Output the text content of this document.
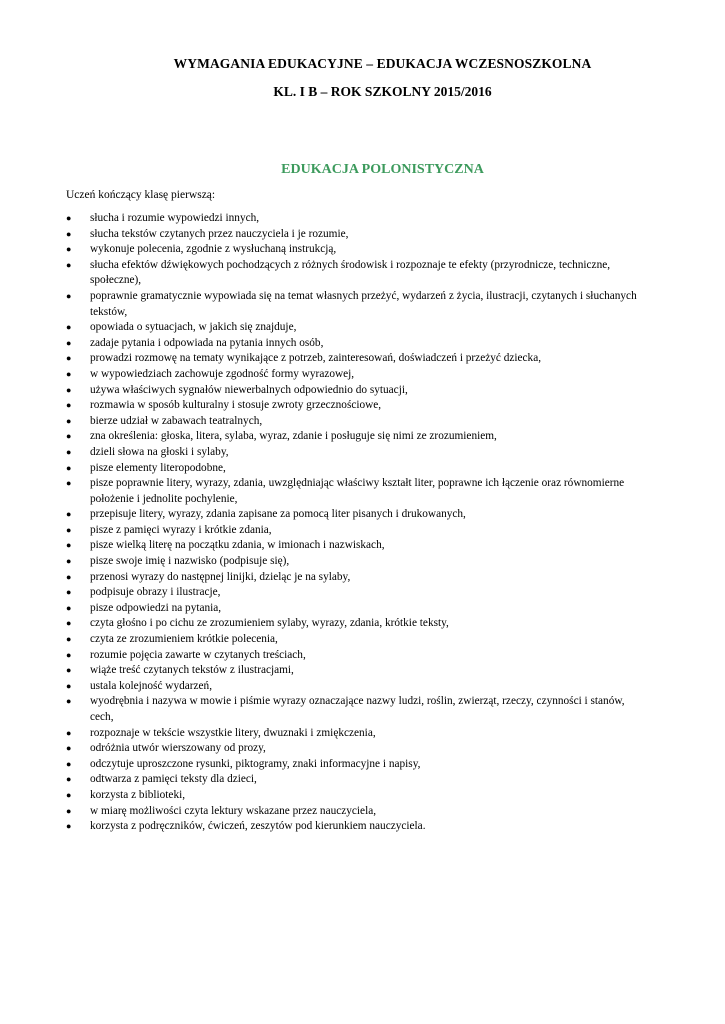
WYMAGANIA EDUKACYJNE – EDUKACJA WCZESNOSZKOLNA
KL. I B – ROK SZKOLNY 2015/2016
EDUKACJA POLONISTYCZNA
Uczeń kończący klasę pierwszą:
● słucha i rozumie wypowiedzi innych,
● słucha tekstów czytanych przez nauczyciela i je rozumie,
● wykonuje polecenia, zgodnie z wysłuchaną instrukcją,
● słucha efektów dźwiękowych pochodzących z różnych środowisk i rozpoznaje te efekty (przyrodnicze, techniczne, społeczne),
● poprawnie gramatycznie wypowiada się na temat własnych przeżyć, wydarzeń z życia, ilustracji, czytanych i słuchanych tekstów,
● opowiada o sytuacjach, w jakich się znajduje,
● zadaje pytania i odpowiada na pytania innych osób,
● prowadzi rozmowę na tematy wynikające z potrzeb, zainteresowań, doświadczeń i przeżyć dziecka,
● w wypowiedziach zachowuje zgodność formy wyrazowej,
● używa właściwych sygnałów niewerbalnych odpowiednio do sytuacji,
● rozmawia w sposób kulturalny i stosuje zwroty grzecznościowe,
● bierze udział w zabawach teatralnych,
● zna określenia: głoska, litera, sylaba, wyraz, zdanie i posługuje się nimi ze zrozumieniem,
● dzieli słowa na głoski i sylaby,
● pisze elementy literopodobne,
● pisze poprawnie litery, wyrazy, zdania, uwzględniając właściwy kształt liter, poprawne ich łączenie oraz równomierne położenie i jednolite pochylenie,
● przepisuje litery, wyrazy, zdania zapisane za pomocą liter pisanych i drukowanych,
● pisze z pamięci wyrazy i krótkie zdania,
● pisze wielką literę na początku zdania, w imionach i nazwiskach,
● pisze swoje imię i nazwisko (podpisuje się),
● przenosi wyrazy do następnej linijki, dzieląc je na sylaby,
● podpisuje obrazy i ilustracje,
● pisze odpowiedzi na pytania,
● czyta głośno i po cichu ze zrozumieniem sylaby, wyrazy, zdania, krótkie teksty,
● czyta ze zrozumieniem krótkie polecenia,
● rozumie pojęcia zawarte w czytanych treściach,
● wiąże treść czytanych tekstów z ilustracjami,
● ustala kolejność wydarzeń,
● wyodrębnia i nazywa w mowie i piśmie wyrazy oznaczające nazwy ludzi, roślin, zwierząt, rzeczy, czynności i stanów, cech,
● rozpoznaje w tekście wszystkie litery, dwuznaki i zmiękczenia,
● odróżnia utwór wierszowany od prozy,
● odczytuje uproszczone rysunki, piktogramy, znaki informacyjne i napisy,
● odtwarza z pamięci teksty dla dzieci,
● korzysta z biblioteki,
● w miarę możliwości czyta lektury wskazane przez nauczyciela,
● korzysta z podręczników, ćwiczeń, zeszytów pod kierunkiem nauczyciela.
